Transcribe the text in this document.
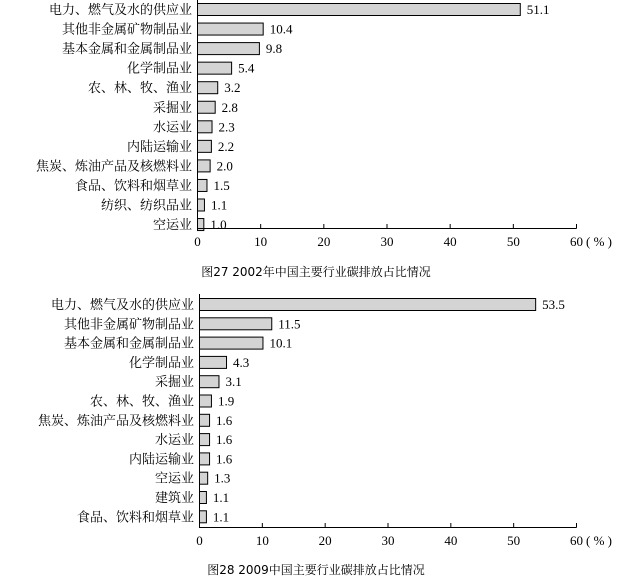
电力、燃气及水的供应业	51.1
其他非金属矿物制品业	10.4
基本金属和金属制品业	9.8
化学制品业	5.4
农、林、牧、渔业 3.2
采掘业 2.8
水运业 2.3
内陆运输业 2.2
焦炭、炼油产品及核燃料业 2.0
食品、饮料和烟草业 1.5
纺织、纺织品业 1.1
空运业 1.0
0	10	20	30	40	50	60 ( % )
图27 2002年中国主要行业碳排放占比情况
电力、燃气及水的供应业	53.5
其他非金属矿物制品业	11.5
基本金属和金属制品业	10.1
化学制品业	4.3
采掘业 3.1
农、林、牧、渔业 1.9
焦炭、炼油产品及核燃料业 1.6
水运业 1.6
内陆运输业 1.6
空运业 1.3
建筑业 1.1
食品、饮料和烟草业 1.1
0	10	20	30	40	50	60 ( % )
图28 2009中国主要行业碳排放占比情况
